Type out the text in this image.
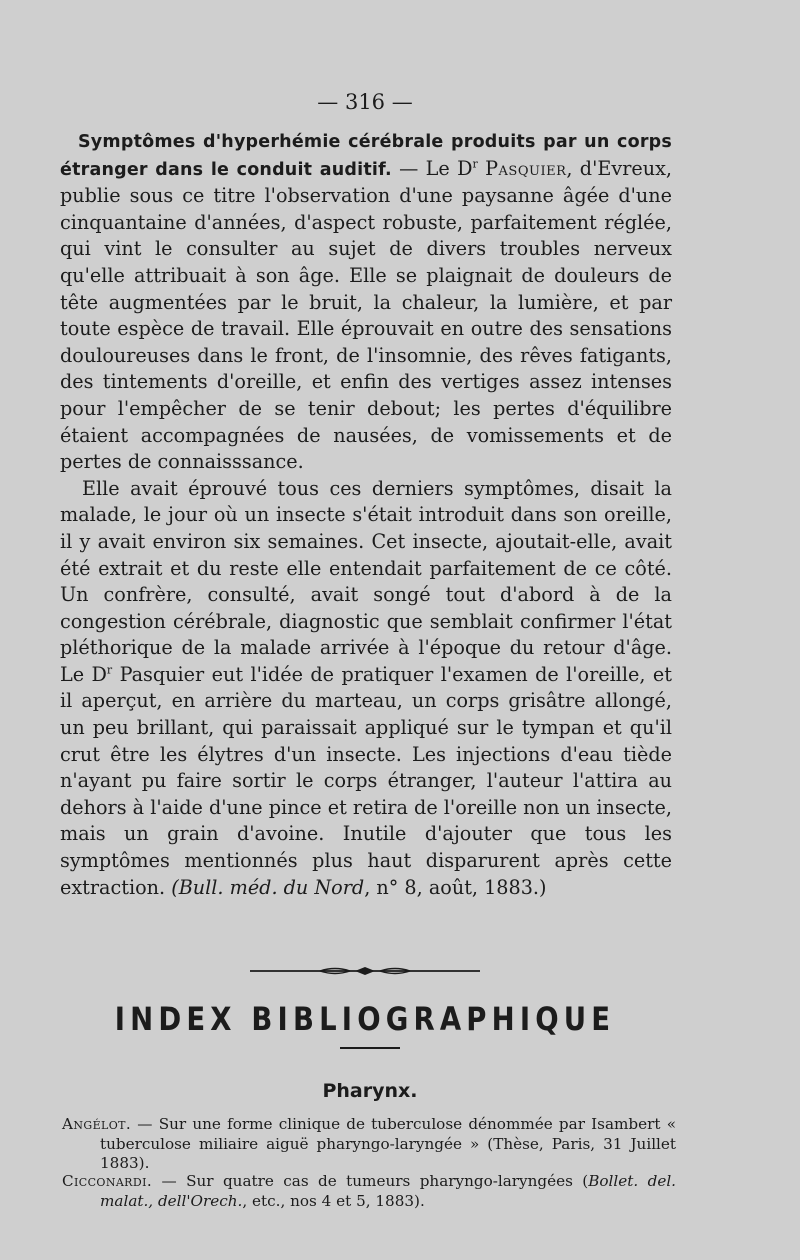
— 316 —

Symptômes d'hyperhémie cérébrale produits par un corps étranger dans le conduit auditif. — Le $D^r$ Pasquier, d'Evreux, publie sous ce titre l'observation d'une paysanne âgée d'une cinquantaine d'années, d'aspect robuste, parfaitement réglée, qui vint le consulter au sujet de divers troubles nerveux qu'elle attribuait à son âge. Elle se plaignait de douleurs de tête augmentées par le bruit, la chaleur, la lumière, et par toute espèce de travail. Elle éprouvait en outre des sensations douloureuses dans le front, de l'insomnie, des rêves fatigants, des tintements d'oreille, et enfin des vertiges assez intenses pour l'empêcher de se tenir debout; les pertes d'équilibre étaient accompagnées de nausées, de vomissements et de pertes de connaisssance.

Elle avait éprouvé tous ces derniers symptômes, disait la malade, le jour où un insecte s'était introduit dans son oreille, il y avait environ six semaines. Cet insecte, ajoutait-elle, avait été extrait et du reste elle entendait parfaitement de ce côté. Un confrère, consulté, avait songé tout d'abord à de la congestion cérébrale, diagnostic que semblait confirmer l'état pléthorique de la malade arrivée à l'époque du retour d'âge. Le $D^r$ Pasquier eut l'idée de pratiquer l'examen de l'oreille, et il aperçut, en arrière du marteau, un corps grisâtre allongé, un peu brillant, qui paraissait appliqué sur le tympan et qu'il crut être les élytres d'un insecte. Les injections d'eau tiède n'ayant pu faire sortir le corps étranger, l'auteur l'attira au dehors à l'aide d'une pince et retira de l'oreille non un insecte, mais un grain d'avoine. Inutile d'ajouter que tous les symptômes mentionnés plus haut disparurent après cette extraction. (Bull. méd. du Nord, n° 8, août, 1883.)

INDEX BIBLIOGRAPHIQUE
Pharynx.

Angélot. — Sur une forme clinique de tuberculose dénommée par Isambert « tuberculose miliaire aiguë pharyngo-laryngée » (Thèse, Paris, 31 Juillet 1883).

Cicconardi. — Sur quatre cas de tumeurs pharyngo-laryngées (Bollet. del. malat., dell'Orech., etc., nos 4 et 5, 1883).
